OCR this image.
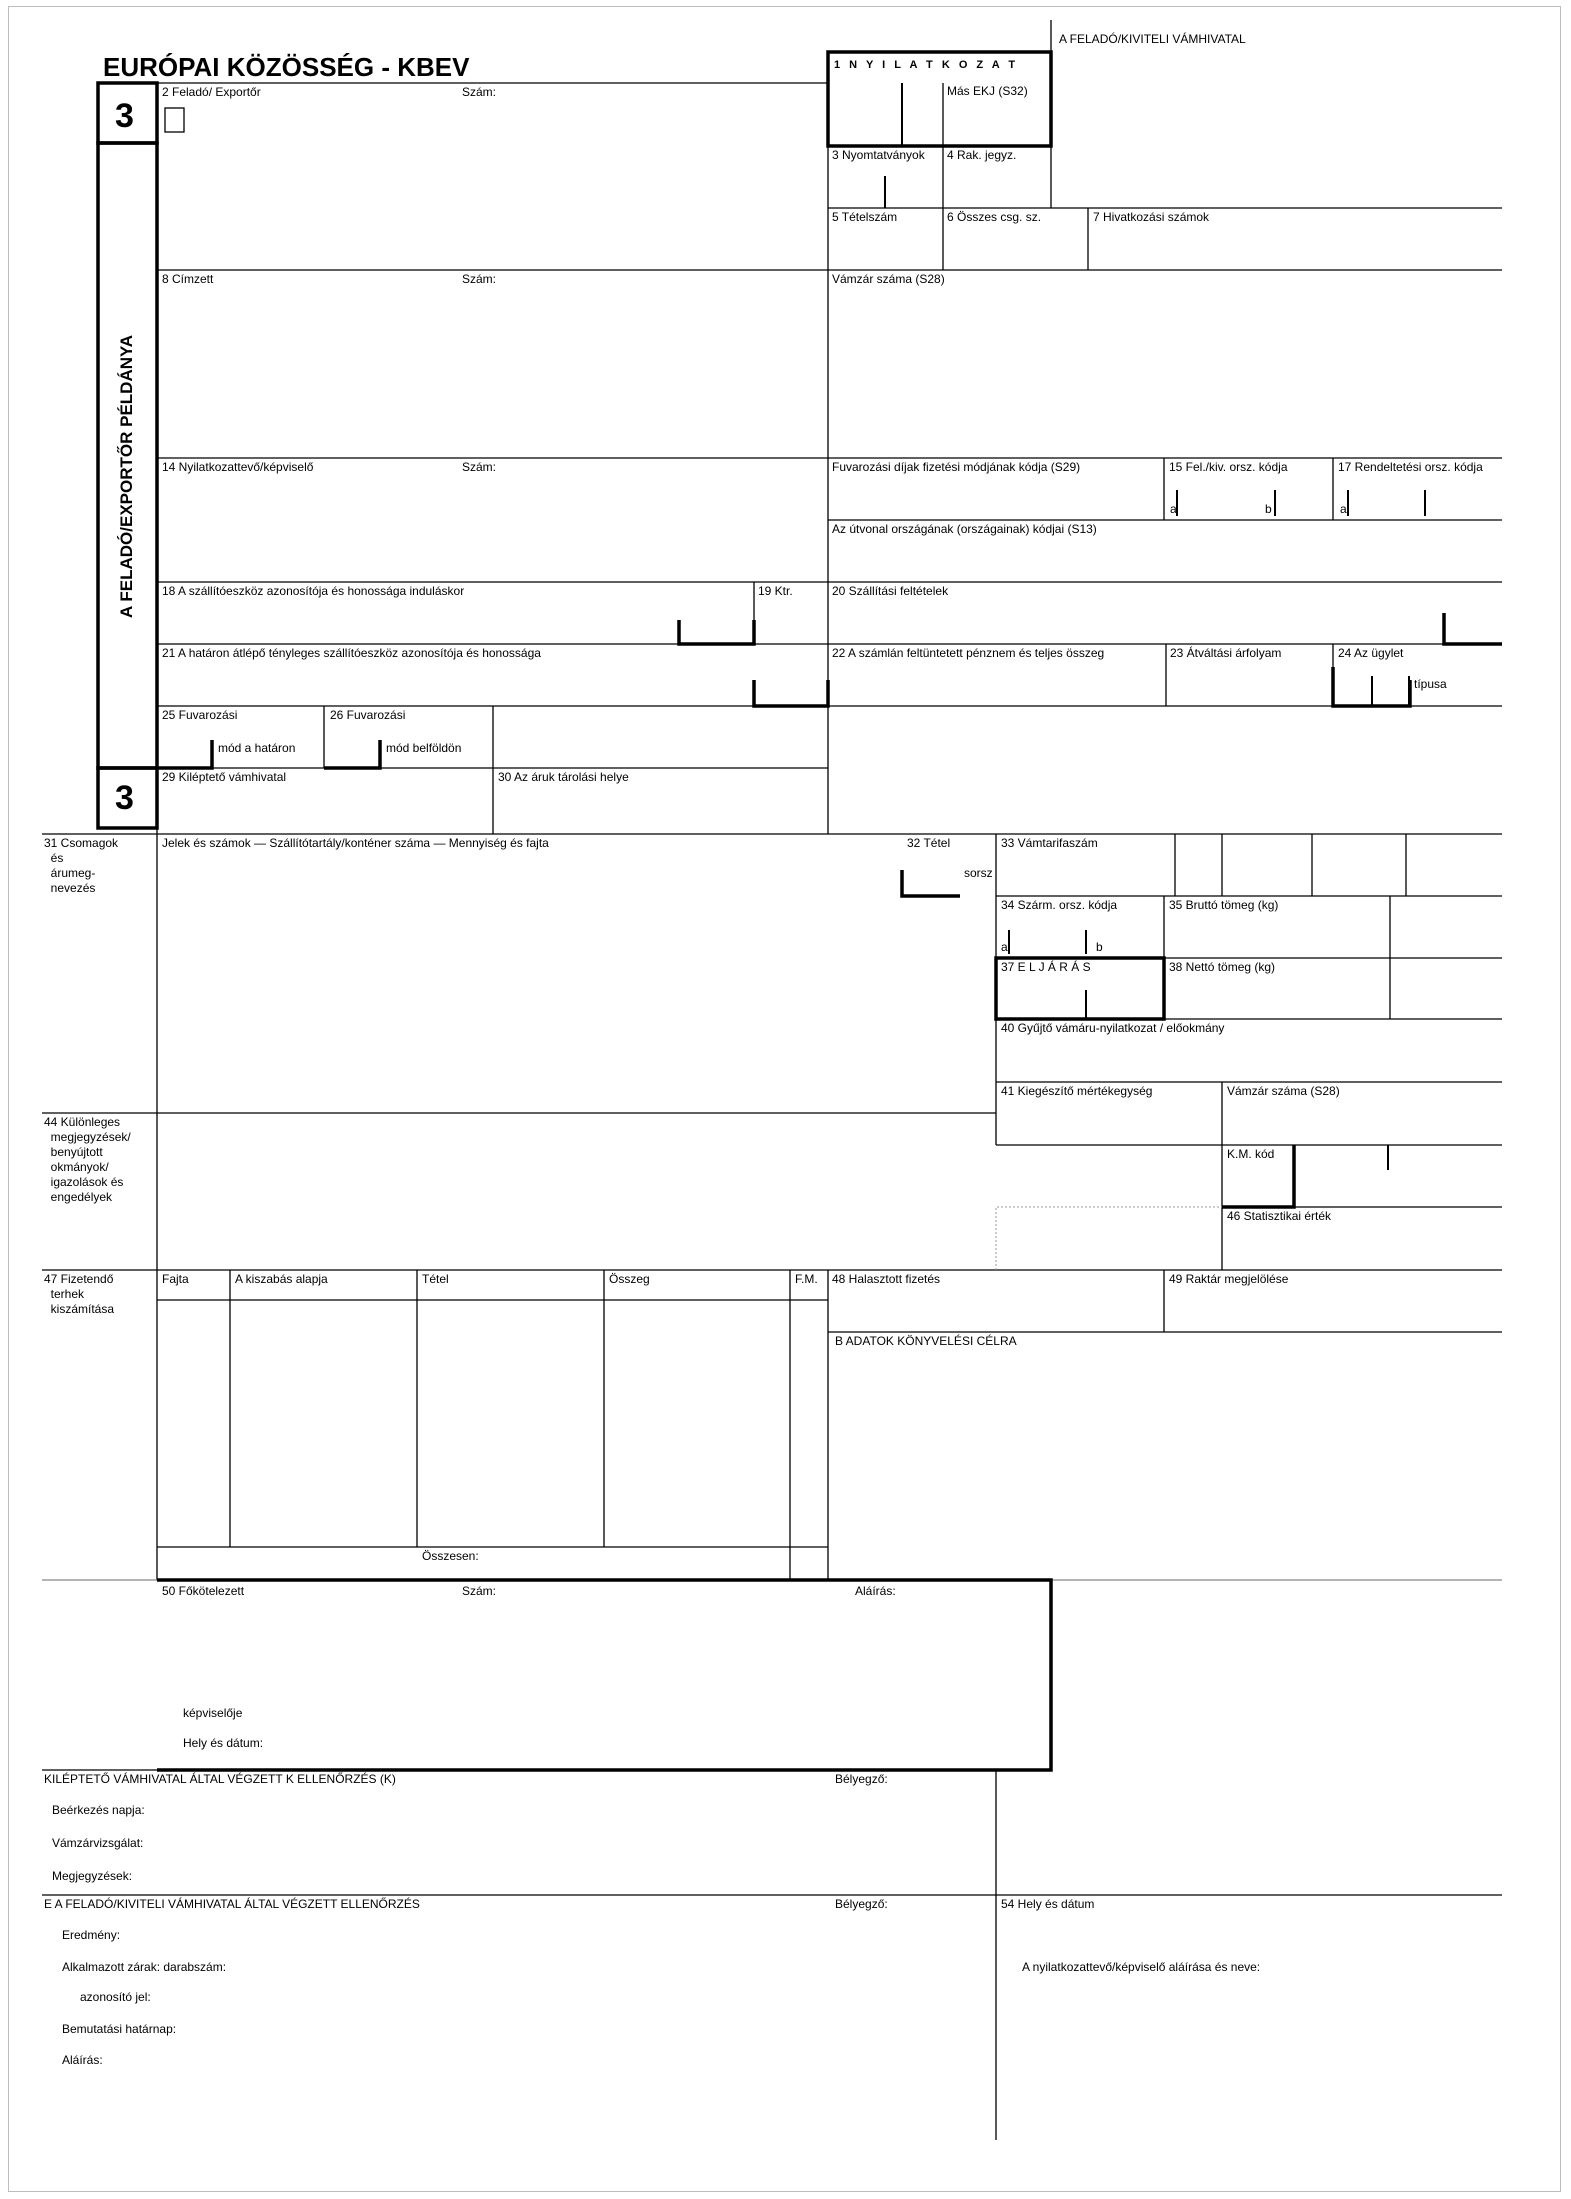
A FELADÓ/KIVITELI VÁMHIVATAL
EURÓPAI KÖZÖSSÉG - KBEV
3
3
A FELADÓ/EXPORTŐR PÉLDÁNYA
1 N Y I L A T K O Z A T
Más EKJ (S32)
2 Feladó/ Exportőr	Szám:
3 Nyomtatványok 4 Rak. jegyz.
5 Tételszám	6 Összes csg. sz.	7 Hivatkozási számok
8 Címzett	Szám:	Vámzár száma (S28)
14 Nyilatkozattevő/képviselő	Szám:	Fuvarozási díjak fizetési módjának kódja (S29)	15 Fel./kiv. orsz. kódja	17 Rendeltetési orsz. kódja
a	b	a
Az útvonal országának (országainak) kódjai (S13)
18 A szállítóeszköz azonosítója és honossága induláskor	19 Ktr.	20 Szállítási feltételek
21 A határon átlépő tényleges szállítóeszköz azonosítója és honossága	22 A számlán feltüntetett pénznem és teljes összeg	23 Átváltási árfolyam	24 Az ügylet
típusa
25 Fuvarozási
mód a határon
26 Fuvarozási
mód belföldön
29 Kiléptető vámhivatal	30 Az áruk tárolási helye
31 Csomagok
és
árumeg-
nevezés
Jelek és számok — Szállítótartály/konténer száma — Mennyiség és fajta	32 Tétel
sorsz
33 Vámtarifaszám
34 Szárm. orsz. kódja
a	b
35 Bruttó tömeg (kg)
37 E L J Á R Á S	38 Nettó tömeg (kg)
40 Gyűjtő vámáru-nyilatkozat / előokmány
41 Kiegészítő mértékegység	Vámzár száma (S28)
44 Különleges
megjegyzések/
benyújtott
okmányok/
igazolások és
engedélyek
K.M. kód
46 Statisztikai érték
47 Fizetendő
terhek
kiszámítása
Fajta	A kiszabás alapja	Tétel	Összeg	F.M.
Összesen:
48 Halasztott fizetés	49 Raktár megjelölése
B ADATOK KÖNYVELÉSI CÉLRA
50 Főkötelezett	Szám:	Aláírás:
képviselője
Hely és dátum:
KILÉPTETŐ VÁMHIVATAL ÁLTAL VÉGZETT K ELLENŐRZÉS (K)	Bélyegző:
Beérkezés napja:
Vámzárvizsgálat:
Megjegyzések:
E A FELADÓ/KIVITELI VÁMHIVATAL ÁLTAL VÉGZETT ELLENŐRZÉS	Bélyegző:	54 Hely és dátum
Eredmény:
Alkalmazott zárak: darabszám:
azonosító jel:
Bemutatási határnap:
Aláírás:
A nyilatkozattevő/képviselő aláírása és neve:
